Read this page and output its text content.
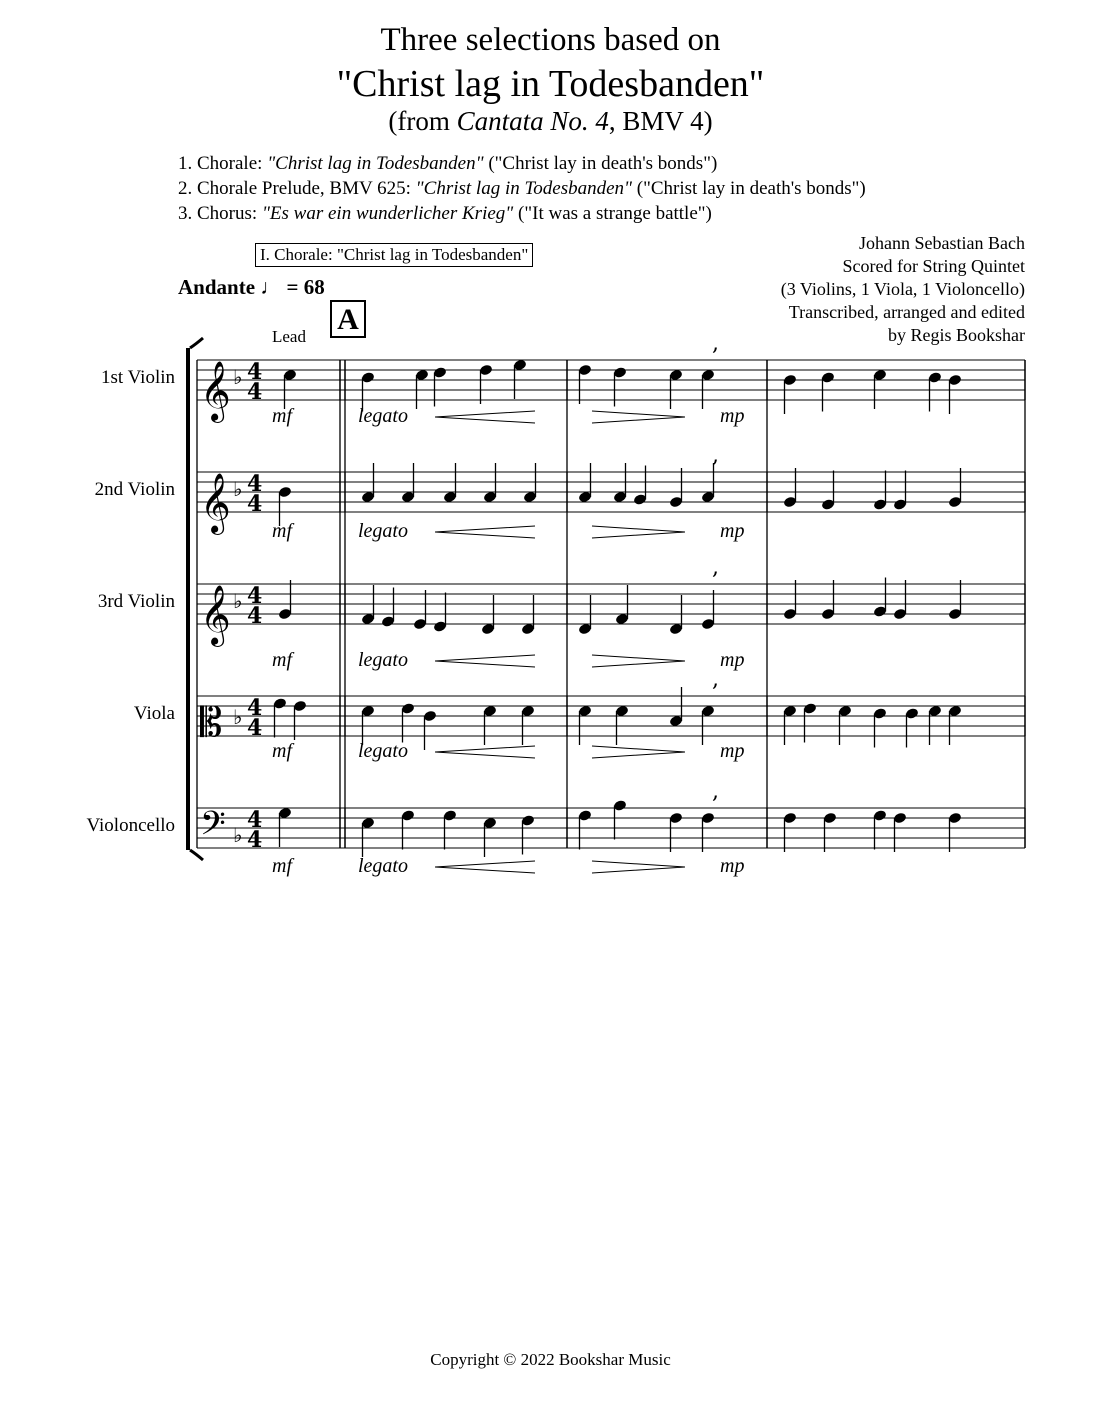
Three selections based on
"Christ lag in Todesbanden"
(from Cantata No. 4, BMV 4)
1. Chorale: "Christ lag in Todesbanden" ("Christ lay in death's bonds")
2. Chorale Prelude, BMV 625: "Christ lag in Todesbanden" ("Christ lay in death's bonds")
3. Chorus: "Es war ein wunderlicher Krieg" ("It was a strange battle")
Johann Sebastian Bach
Scored for String Quintet
(3 Violins, 1 Viola, 1 Violoncello)
Transcribed, arranged and edited
by Regis Bookshar
I. Chorale: "Christ lag in Todesbanden"
Andante ♩ = 68
A
Lead
1st Violin
2nd Violin
3rd Violin
Viola
Violoncello
mf	legato	mp
mf	legato	mp
mf	legato	mp
mf	legato	mp
mf	legato	mp
𝄞 ♭ 4
4
,
𝄞 ♭ 4
4
,
𝄞 ♭ 4
4
,
𝄡 ♭ 4
4
,
𝄢 ♭
4
4
,
Copyright © 2022 Bookshar Music
